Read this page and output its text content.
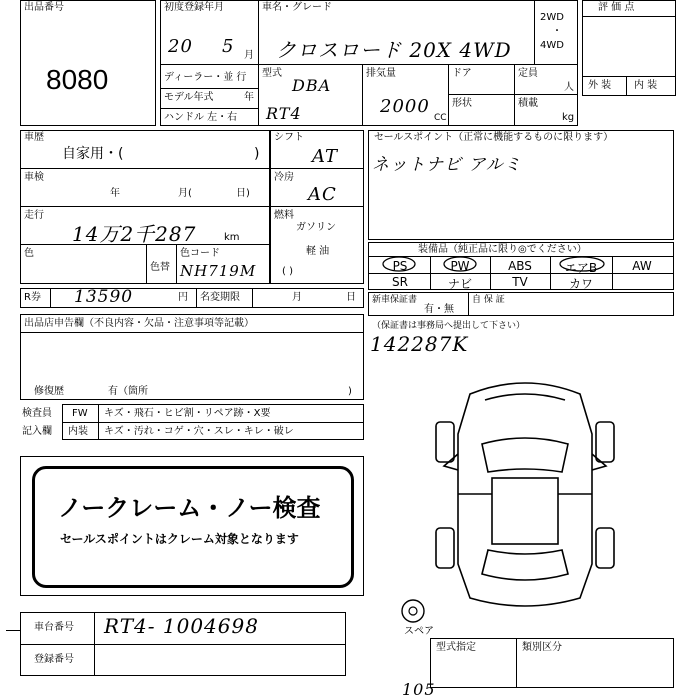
出品番号
8080
初度登録年月
20 5 月
車名・グレード
クロスロード 20X 4WD
2WD
・
4WD
ディーラー・並 行
モデル年式	年
ハンドル 左・右
型式
DBA
RT4
排気量
2000
CC
ドア
形状
定員
人
積載
kg
評 価 点
外 装 内 装
車歴
自家用・(	)
車検
年	月(	日)
走行
14万2千287	km
色
色替
色コード
NH719M
シフト
AT
冷房
AC
燃料
ガソリン
軽 油
( )
セールスポイント（正常に機能するものに限ります）
ネットナビ アルミ
装備品（純正品に限り◎でください）
PS	PW	ABS	エアB	AW
SR	ナビ	TV	カワ
R券 13590	円 名変期限	月	日 新車保証書
有・無
自 保 証
（保証書は事務局へ提出して下さい）
142287K
出品店申告欄（不良内容・欠品・注意事項等記載）
修復歴	有（箇所	)
検査員
記入欄
FW キズ・飛石・ヒビ割・リペア跡・X要
内装 キズ・汚れ・コゲ・穴・スレ・キレ・破レ
ノークレーム・ノー検査
セールスポイントはクレーム対象となります
車台番号 RT4- 1004698
登録番号
スペア
型式指定	類別区分
105
